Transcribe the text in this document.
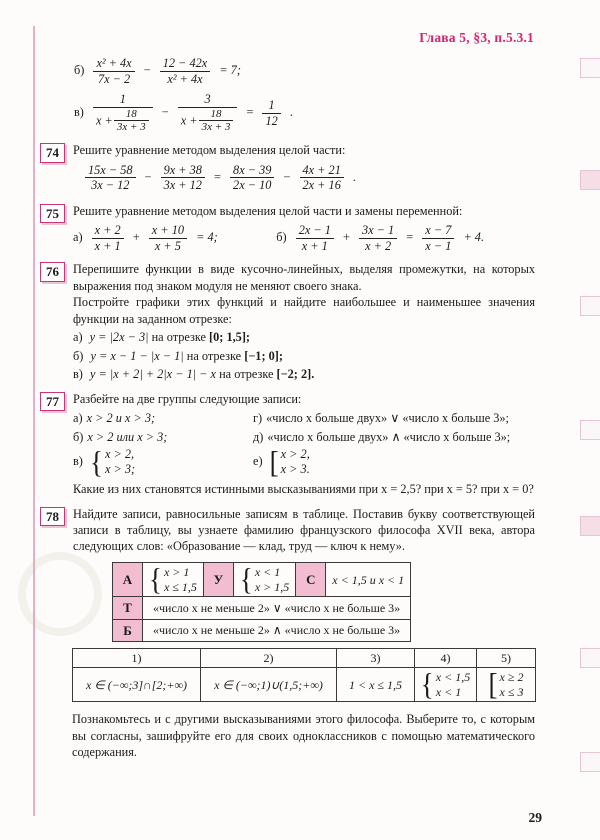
Глава 5, §3, п.5.3.1
$б) \frac{\text{x² + 4x}}{7x - 2} - \frac{12 - 42x}{\text{x² + 4x}} = 7$;
$в) \frac{1}{x + \frac{18}{3x + 3}} - \frac{3}{x + \frac{18}{3x + 3}} = \frac{1}{12}$ .
74	Решите уравнение методом выделения целой части:

$\frac{15x - 58}{3x - 12} - \frac{9x + 38}{3x + 12} = \frac{8x - 39}{2x - 10} - \frac{4x + 21}{2x + 16}$ .
75	Решите уравнение методом выделения целой части и замены переменной:

$а) \frac{x + 2}{x + 1} + \frac{x + 10}{x + 5} = 4$;	$б) \frac{2x - 1}{x + 1} + \frac{3x - 1}{x + 2} = \frac{x - 7}{x - 1} + 4$.
76	Перепишите функции в виде кусочно-линейных, выделяя промежутки, на которых выражения под знаком модуля не меняют своего знака.

Постройте графики этих функций и найдите наибольшее и наименьшее значения функции на заданном отрезке:

а) y = |2x − 3| на отрезке [0; 1,5];
б) y = x − 1 − |x − 1| на отрезке [−1; 0];
в) y = |x + 2| + 2|x − 1| − x на отрезке [−2; 2].
77	Разбейте на две группы следующие записи:

а) x > 2 и x > 3;	г) «число x больше двух» ∨ «число x больше 3»;
б) x > 2 или x > 3;	д) «число x больше двух» ∧ «число x больше 3»;
в) { x > 2,
x > 3;
е) [ x > 2,
x > 3.

Какие из них становятся истинными высказываниями при x = 2,5? при x = 5? при x = 0?

78	Найдите записи, равносильные записям в таблице. Поставив букву соответствующей записи в таблицу, вы узнаете фамилию французского философа XVII века, автора следующих слов: «Образование — клад, труд — ключ к нему».

А	{ x > 1
x ≤ 1,5	У	{ x < 1
x > 1,5	С	x < 1,5 и x < 1
Т	«число x не меньше 2» ∨ «число x не больше 3»				
Б	«число x не меньше 2» ∧ «число x не больше 3»				
1)	2)	3)	4)	5)
x ∈ (−∞;3]∩[2;+∞)	x ∈ (−∞;1)∪(1,5;+∞)	1 < x ≤ 1,5	{ x < 1,5
x < 1	[ x ≥ 2
x ≤ 3

Познакомьтесь и с другими высказываниями этого философа. Выберите то, с которым вы согласны, зашифруйте его для своих одноклассников с помощью математического содержания.

29
